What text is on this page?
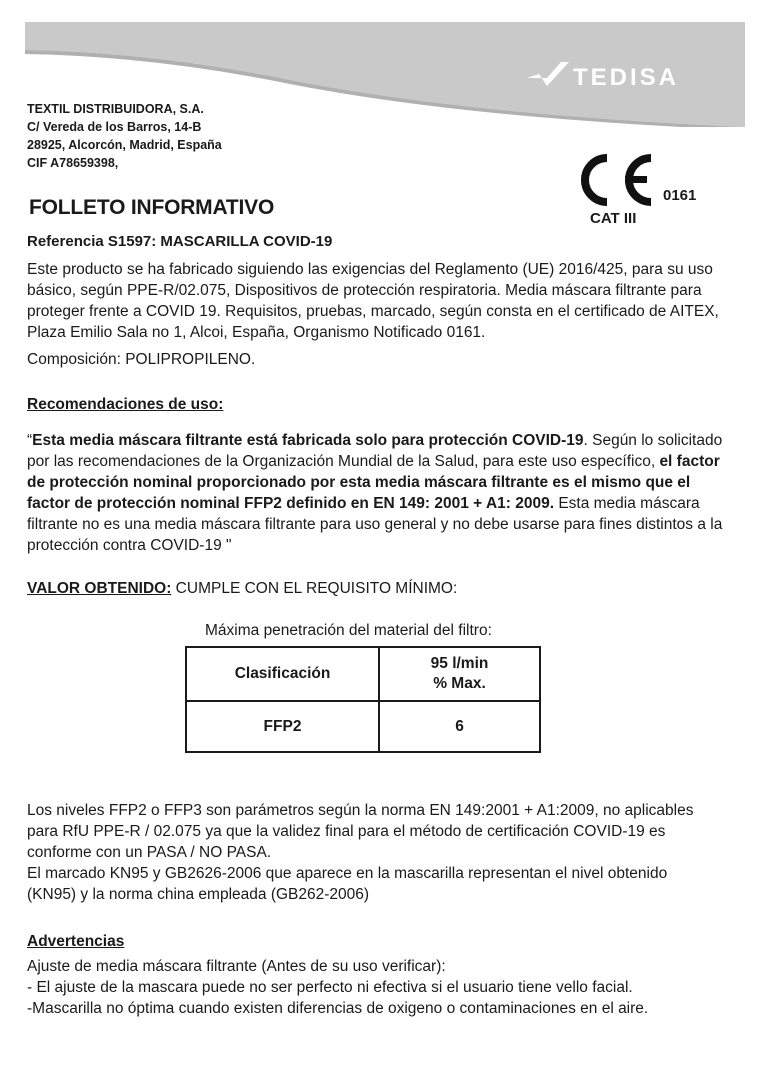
TEDISA
TEXTIL DISTRIBUIDORA, S.A.
C/ Vereda de los Barros, 14-B
28925, Alcorcón, Madrid, España
CIF A78659398,
0161
CAT III
FOLLETO INFORMATIVO
Referencia S1597: MASCARILLA COVID-19
Este producto se ha fabricado siguiendo las exigencias del Reglamento (UE) 2016/425, para su uso básico, según PPE-R/02.075, Dispositivos de protección respiratoria. Media máscara filtrante para proteger frente a COVID 19. Requisitos, pruebas, marcado, según consta en el certificado de AITEX, Plaza Emilio Sala no 1, Alcoi, España, Organismo Notificado 0161.
Composición: POLIPROPILENO.
Recomendaciones de uso:
“Esta media máscara filtrante está fabricada solo para protección COVID-19. Según lo solicitado por las recomendaciones de la Organización Mundial de la Salud, para este uso específico, el factor de protección nominal proporcionado por esta media máscara filtrante es el mismo que el factor de protección nominal FFP2 definido en EN 149: 2001 + A1: 2009. Esta media máscara filtrante no es una media máscara filtrante para uso general y no debe usarse para fines distintos a la protección contra COVID-19 "
VALOR OBTENIDO: CUMPLE CON EL REQUISITO MÍNIMO:
Máxima penetración del material del filtro:
Clasificación	95 l/min
% Max.

FFP2	6
Los niveles FFP2 o FFP3 son parámetros según la norma EN 149:2001 + A1:2009, no aplicables
para RfU PPE-R / 02.075 ya que la validez final para el método de certificación COVID-19 es
conforme con un PASA / NO PASA.
El marcado KN95 y GB2626-2006 que aparece en la mascarilla representan el nivel obtenido
(KN95) y la norma china empleada (GB262-2006)
Advertencias
Ajuste de media máscara filtrante (Antes de su uso verificar):
- El ajuste de la mascara puede no ser perfecto ni efectiva si el usuario tiene vello facial.
-Mascarilla no óptima cuando existen diferencias de oxigeno o contaminaciones en el aire.
